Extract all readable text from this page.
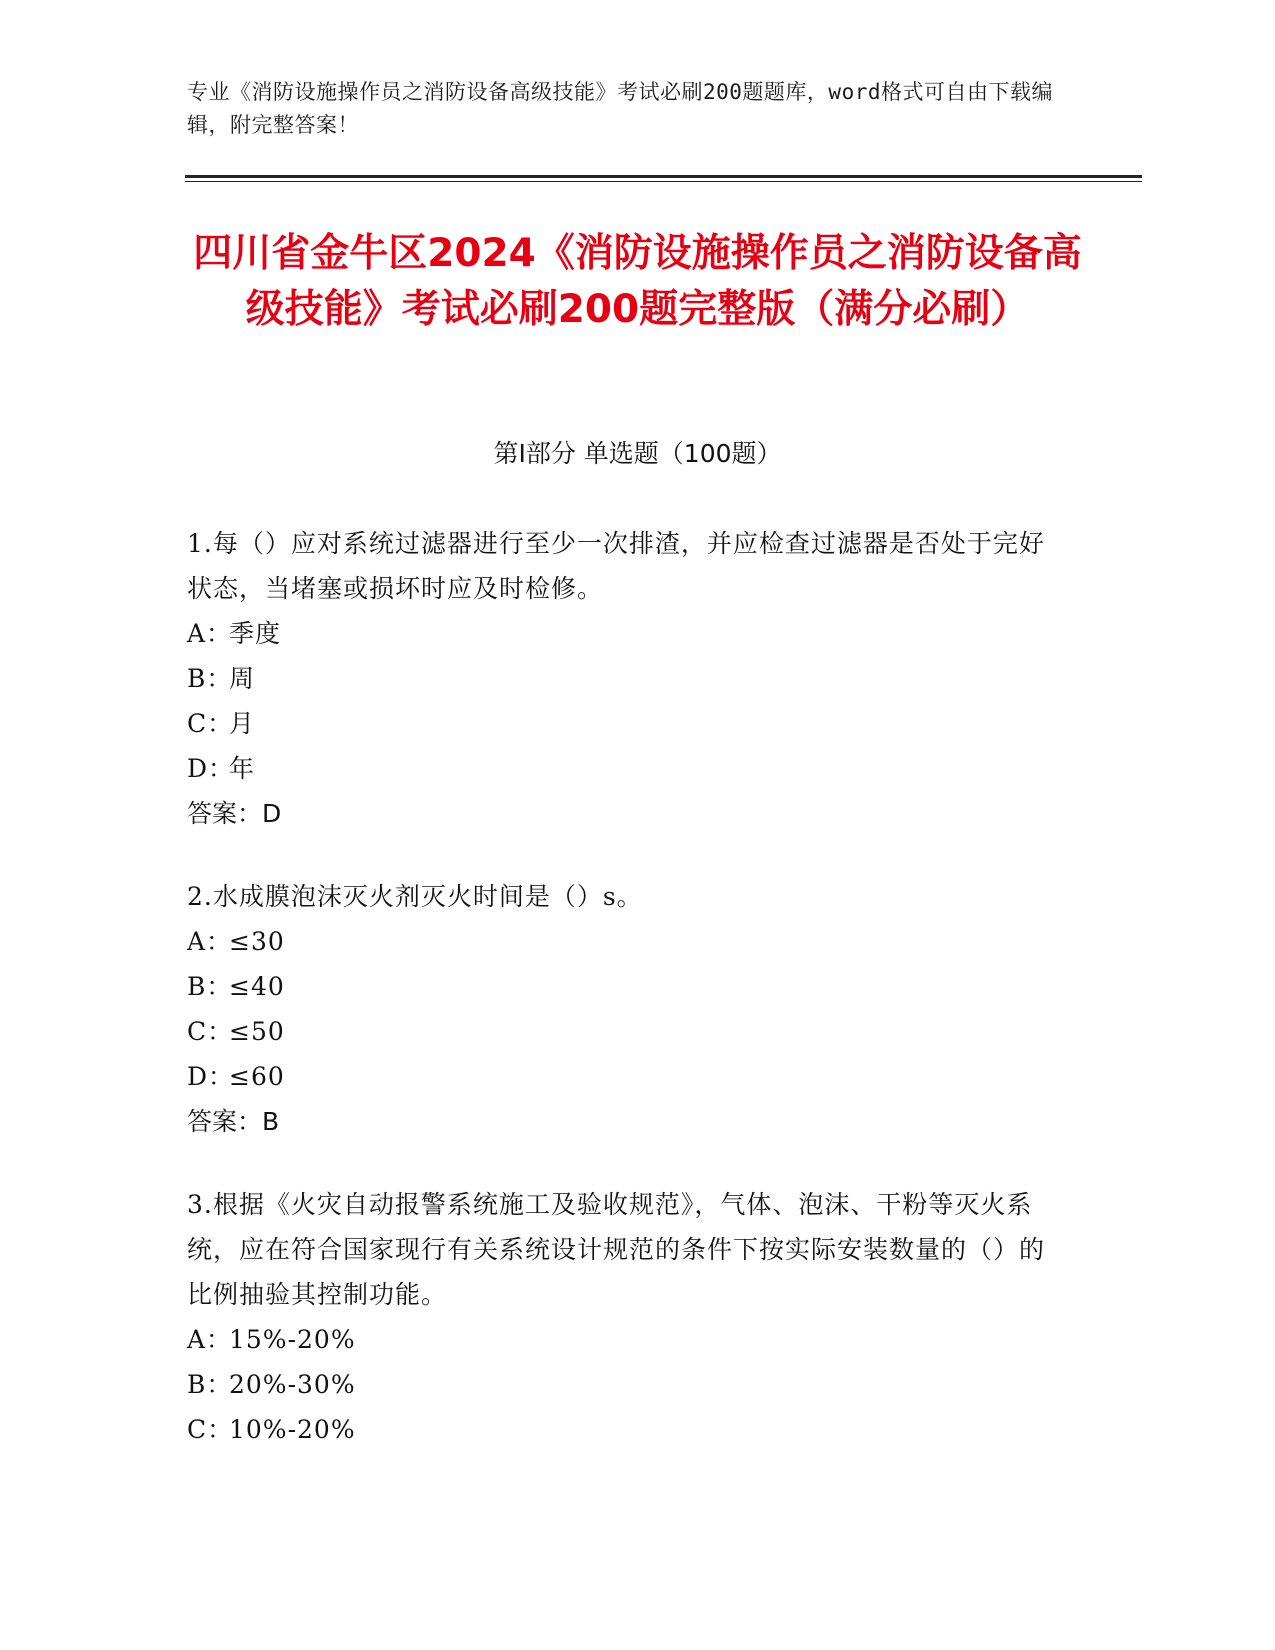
专业《消防设施操作员之消防设备高级技能》考试必刷200题题库，word格式可自由下载编辑，附完整答案！
四川省金牛区2024《消防设施操作员之消防设备高级技能》考试必刷200题完整版（满分必刷）
第Ⅰ部分 单选题（100题）
1.每（）应对系统过滤器进行至少一次排渣，并应检查过滤器是否处于完好状态，当堵塞或损坏时应及时检修。
A：季度
B：周
C：月
D：年
答案：D
2.水成膜泡沫灭火剂灭火时间是（）s。
A：≤30
B：≤40
C：≤50
D：≤60
答案：B
3.根据《火灾自动报警系统施工及验收规范》，气体、泡沫、干粉等灭火系统，应在符合国家现行有关系统设计规范的条件下按实际安装数量的（）的比例抽验其控制功能。
A：15%-20%
B：20%-30%
C：10%-20%
